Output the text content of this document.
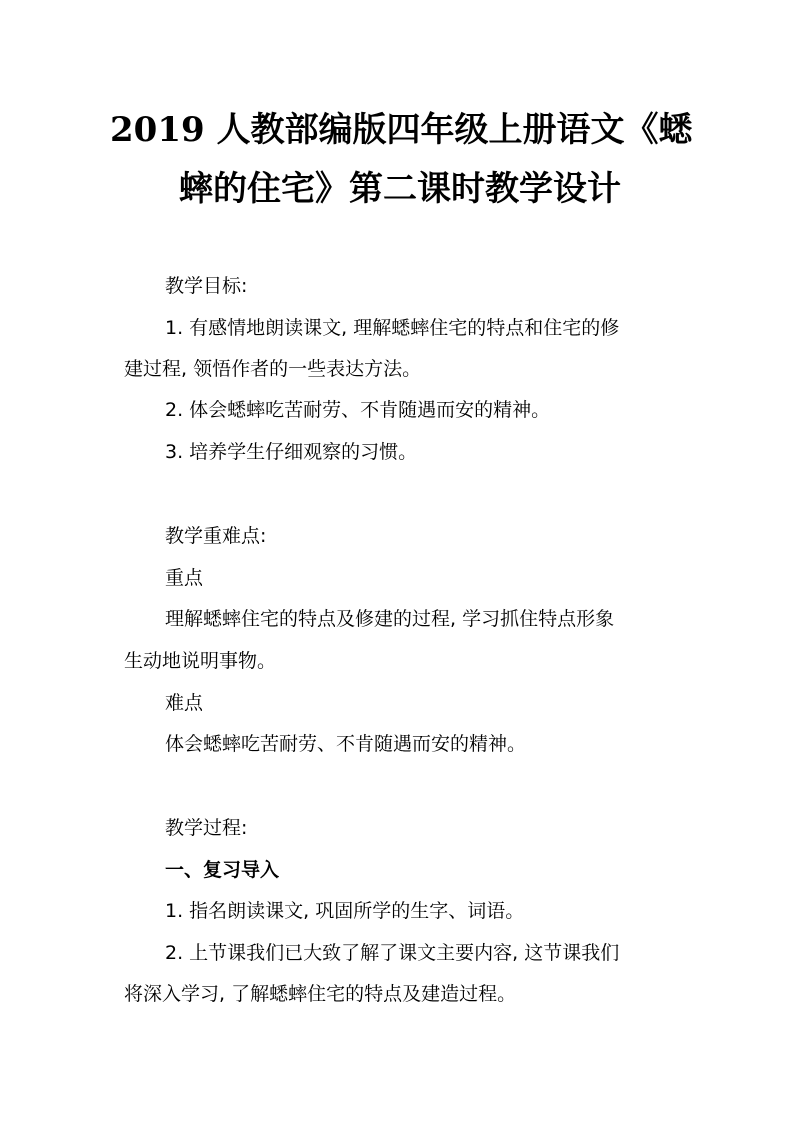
2019 人教部编版四年级上册语文《蟋
蟀的住宅》第二课时教学设计
教学目标:
1. 有感情地朗读课文, 理解蟋蟀住宅的特点和住宅的修
建过程, 领悟作者的一些表达方法。
2. 体会蟋蟀吃苦耐劳、不肯随遇而安的精神。
3. 培养学生仔细观察的习惯。
教学重难点:
重点
理解蟋蟀住宅的特点及修建的过程, 学习抓住特点形象
生动地说明事物。
难点
体会蟋蟀吃苦耐劳、不肯随遇而安的精神。
教学过程:
一、复习导入
1. 指名朗读课文, 巩固所学的生字、词语。
2. 上节课我们已大致了解了课文主要内容, 这节课我们
将深入学习, 了解蟋蟀住宅的特点及建造过程。
